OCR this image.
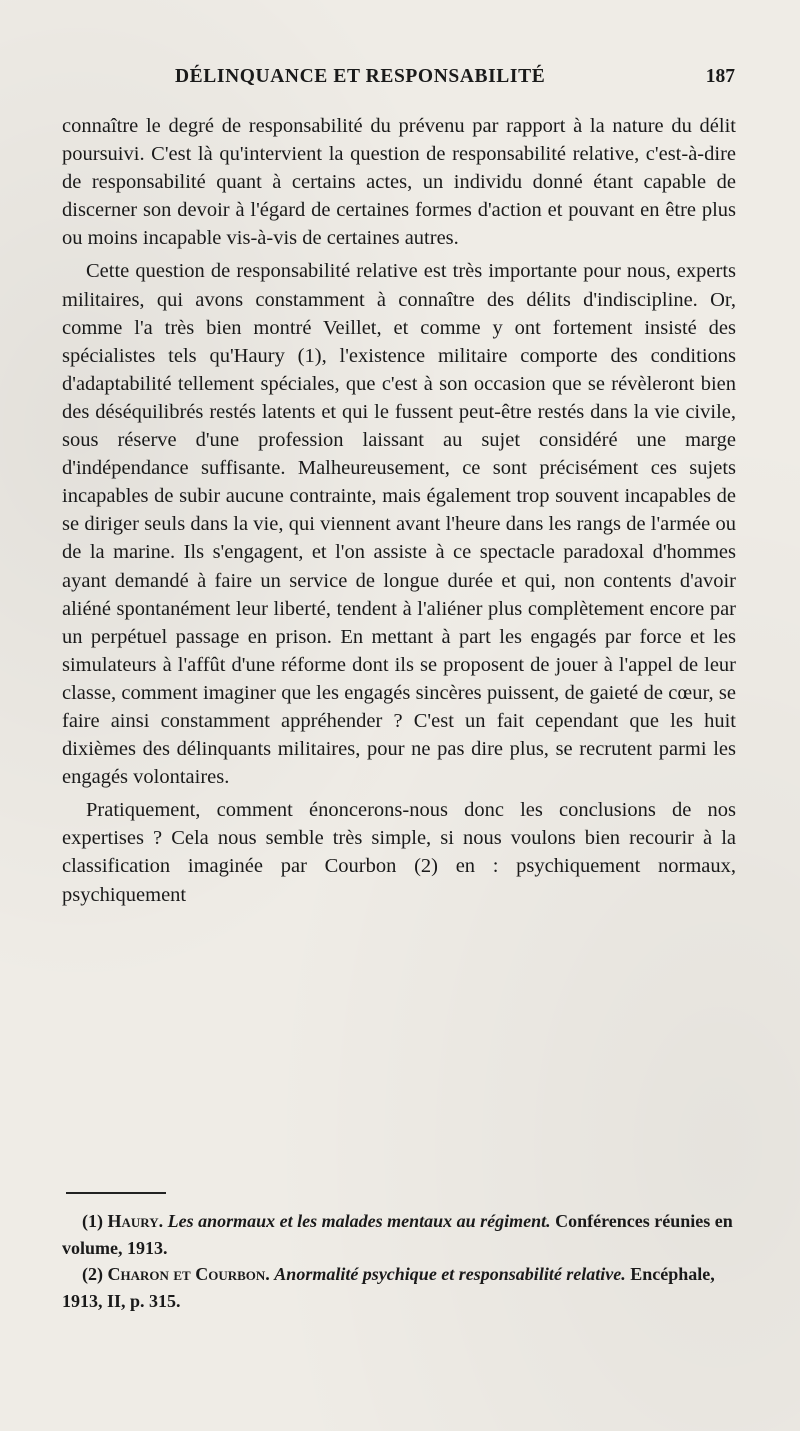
DÉLINQUANCE ET RESPONSABILITÉ	187

connaître le degré de responsabilité du prévenu par rapport à la nature du délit poursuivi. C'est là qu'intervient la question de responsabilité relative, c'est-à-dire de responsabilité quant à certains actes, un individu donné étant capable de discerner son devoir à l'égard de certaines formes d'action et pouvant en être plus ou moins incapable vis-à-vis de certaines autres.

Cette question de responsabilité relative est très importante pour nous, experts militaires, qui avons constamment à connaître des délits d'indiscipline. Or, comme l'a très bien montré Veillet, et comme y ont fortement insisté des spécialistes tels qu'Haury (1), l'existence militaire comporte des conditions d'adaptabilité tellement spéciales, que c'est à son occasion que se révèleront bien des déséquilibrés restés latents et qui le fussent peut-être restés dans la vie civile, sous réserve d'une profession laissant au sujet considéré une marge d'indépendance suffisante. Malheureusement, ce sont précisément ces sujets incapables de subir aucune contrainte, mais également trop souvent incapables de se diriger seuls dans la vie, qui viennent avant l'heure dans les rangs de l'armée ou de la marine. Ils s'engagent, et l'on assiste à ce spectacle paradoxal d'hommes ayant demandé à faire un service de longue durée et qui, non contents d'avoir aliéné spontanément leur liberté, tendent à l'aliéner plus complètement encore par un perpétuel passage en prison. En mettant à part les engagés par force et les simulateurs à l'affût d'une réforme dont ils se proposent de jouer à l'appel de leur classe, comment imaginer que les engagés sincères puissent, de gaieté de cœur, se faire ainsi constamment appréhender ? C'est un fait cependant que les huit dixièmes des délinquants militaires, pour ne pas dire plus, se recrutent parmi les engagés volontaires.

Pratiquement, comment énoncerons-nous donc les conclusions de nos expertises ? Cela nous semble très simple, si nous voulons bien recourir à la classification imaginée par Courbon (2) en : psychiquement normaux, psychiquement

(1) Haury. Les anormaux et les malades mentaux au régiment. Conférences réunies en volume, 1913.

(2) Charon et Courbon. Anormalité psychique et responsabilité relative. Encéphale, 1913, II, p. 315.
